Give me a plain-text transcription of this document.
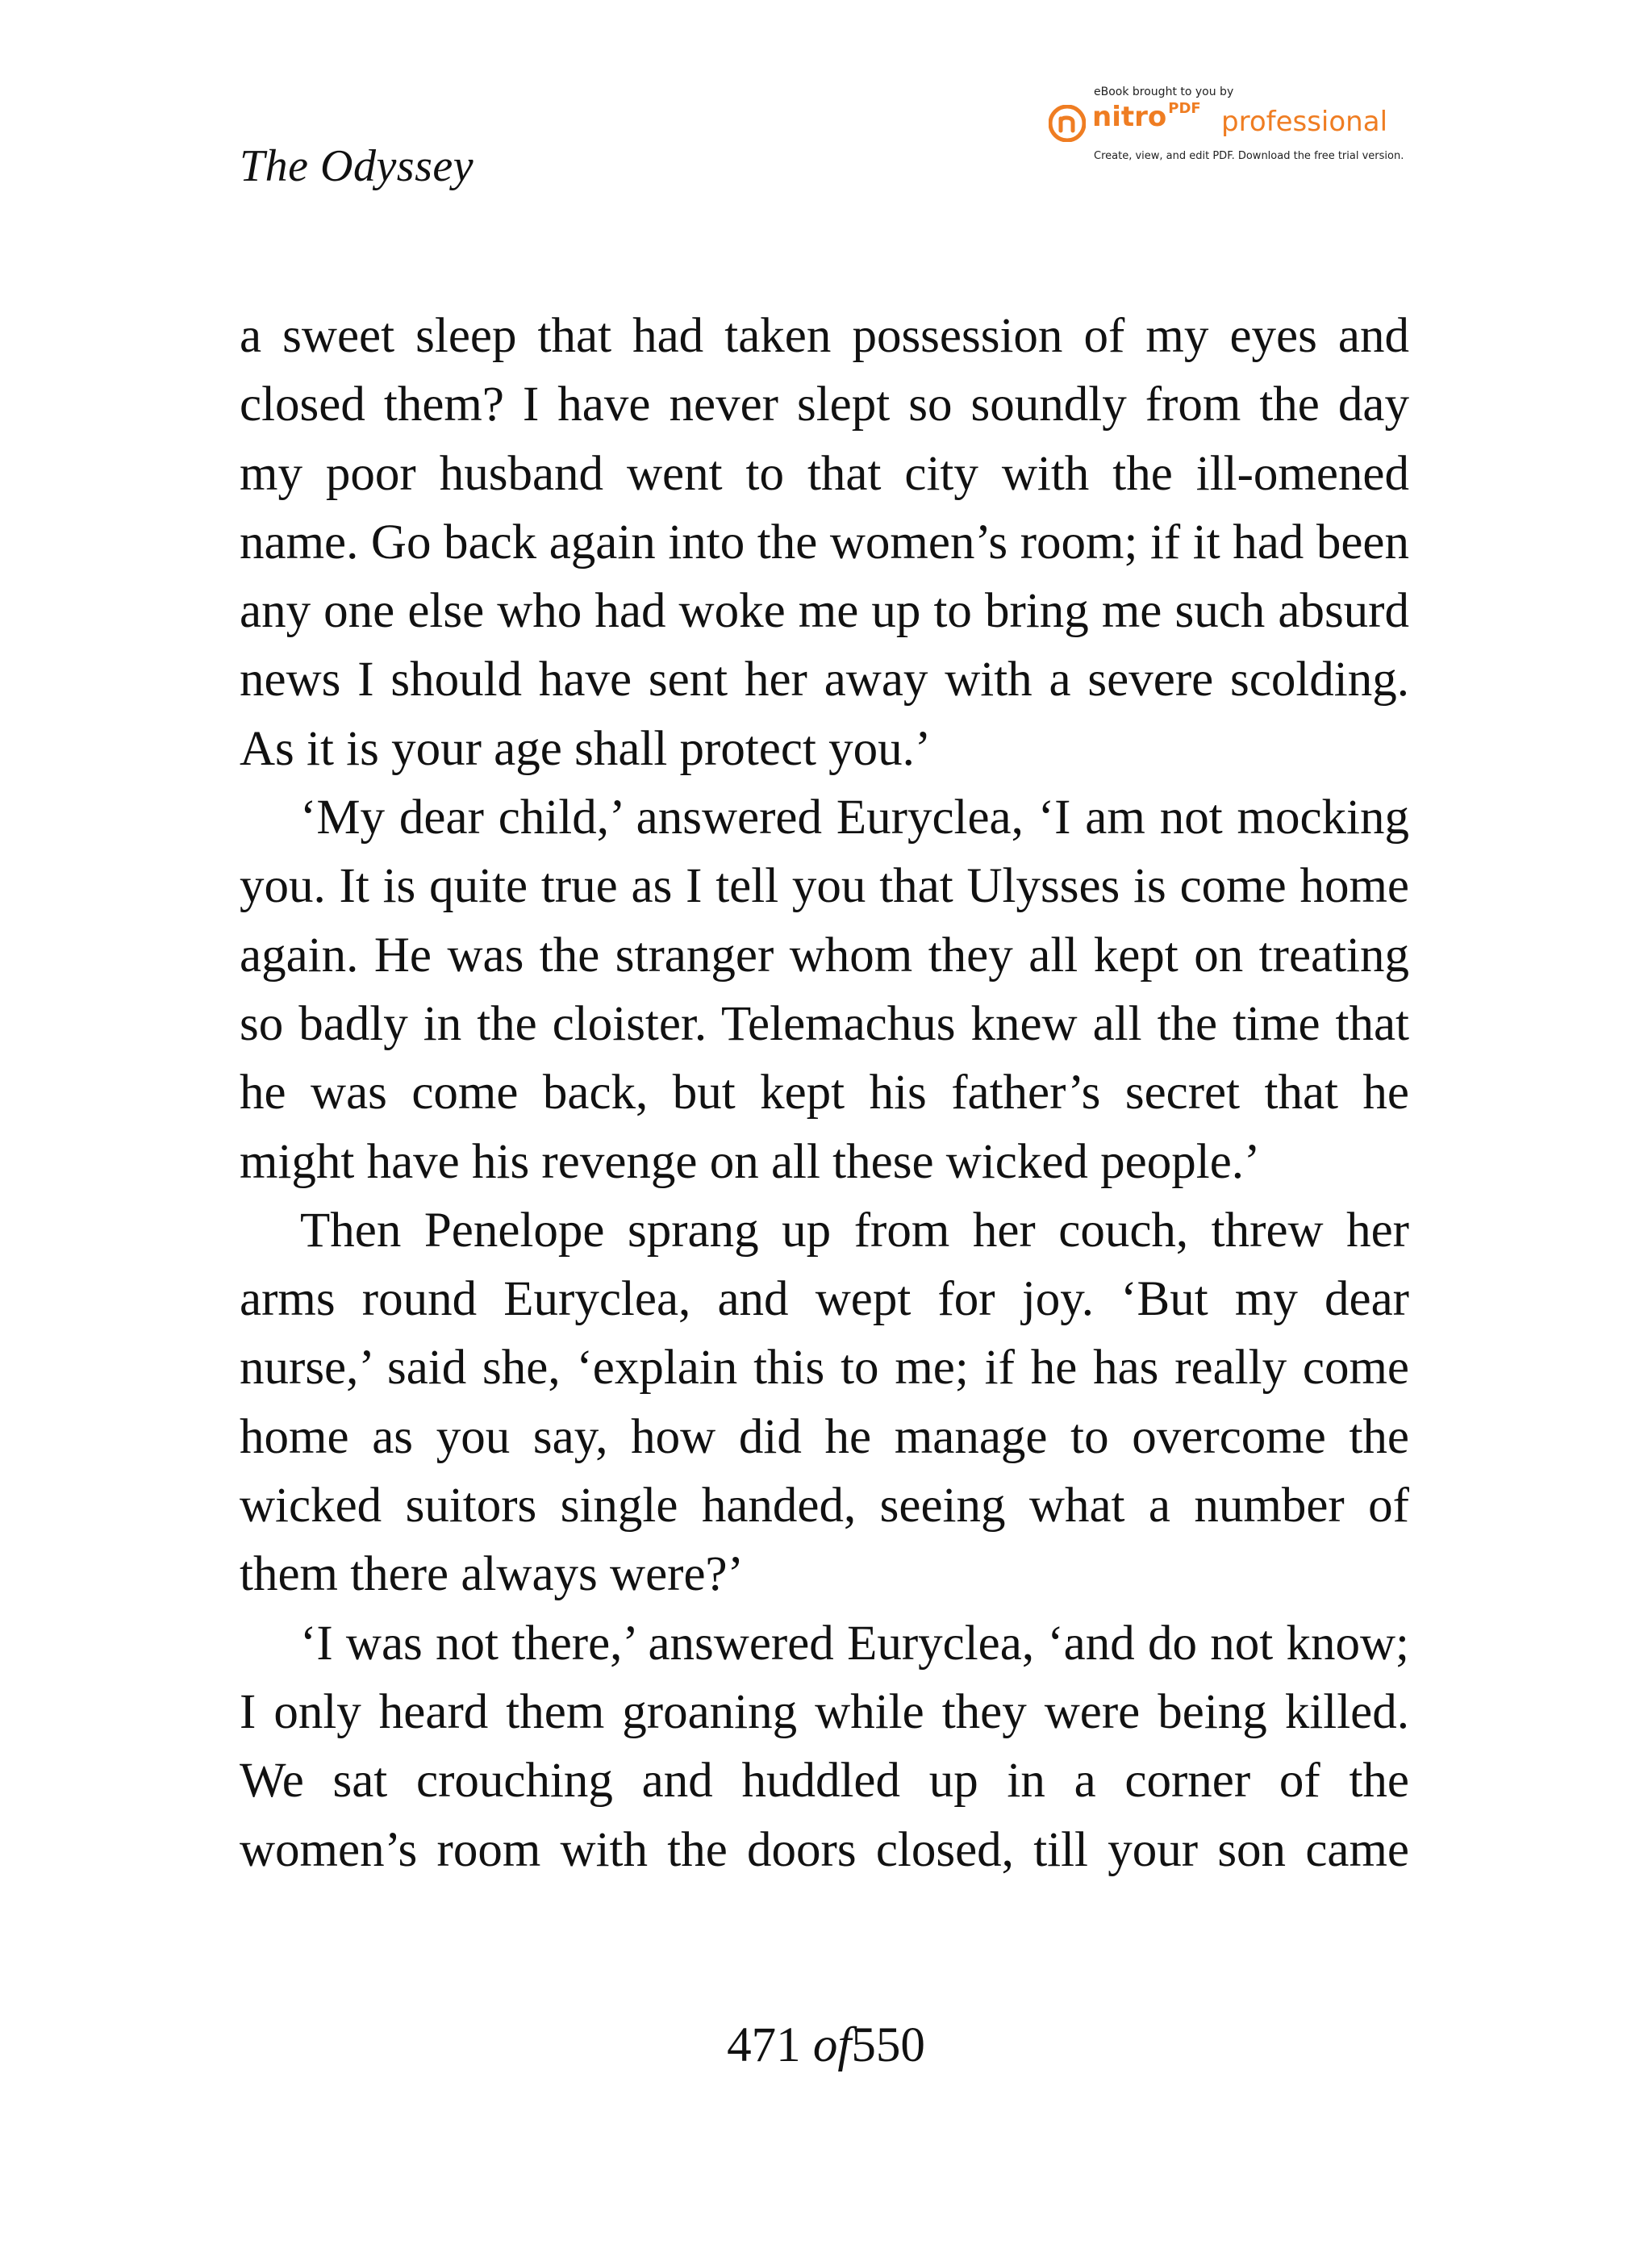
The Odyssey
eBook brought to you by
nitro $^{PDF}$ professional
Create, view, and edit PDF. Download the free trial version.

a sweet sleep that had taken possession of my eyes and closed them? I have never slept so soundly from the day my poor husband went to that city with the ill-omened name. Go back again into the women’s room; if it had been any one else who had woke me up to bring me such absurd news I should have sent her away with a severe scolding. As it is your age shall protect you.’

‘My dear child,’ answered Euryclea, ‘I am not mocking you. It is quite true as I tell you that Ulysses is come home again. He was the stranger whom they all kept on treating so badly in the cloister. Telemachus knew all the time that he was come back, but kept his father’s secret that he might have his revenge on all these wicked people.’

Then Penelope sprang up from her couch, threw her arms round Euryclea, and wept for joy. ‘But my dear nurse,’ said she, ‘explain this to me; if he has really come home as you say, how did he manage to overcome the wicked suitors single handed, seeing what a number of them there always were?’

‘I was not there,’ answered Euryclea, ‘and do not know; I only heard them groaning while they were being killed. We sat crouching and huddled up in a corner of the women’s room with the doors closed, till your son came

471 of550
